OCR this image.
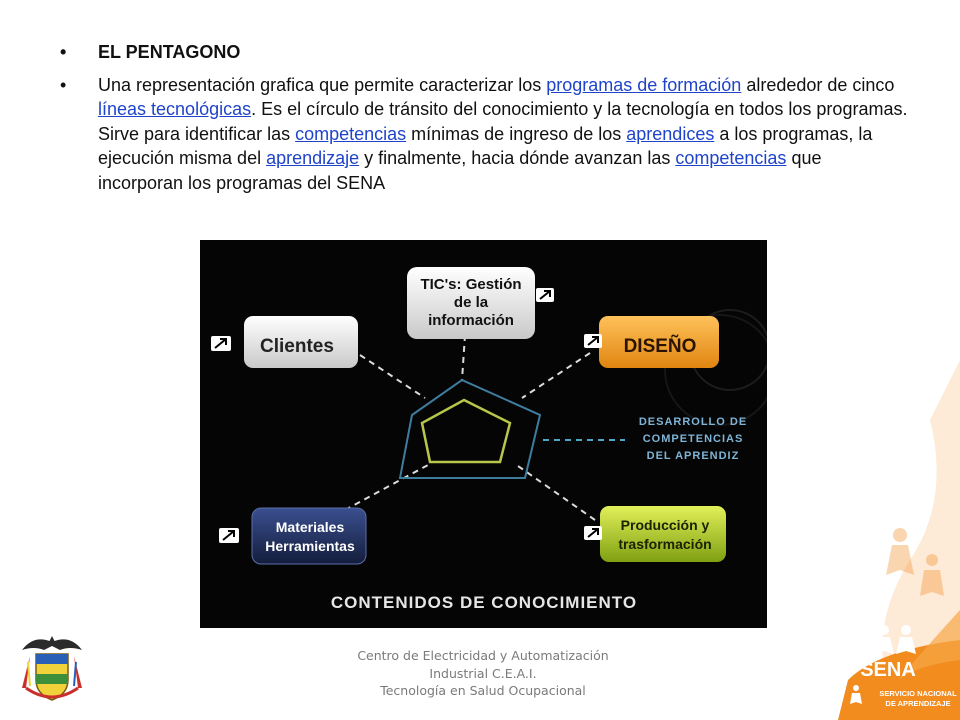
• EL PENTAGONO
• Una representación grafica que permite caracterizar los programas de formación alrededor de cinco líneas tecnológicas. Es el círculo de tránsito del conocimiento y la tecnología en todos los programas. Sirve para identificar las competencias mínimas de ingreso de los aprendices a los programas, la ejecución misma del aprendizaje y finalmente, hacia dónde avanzan las competencias que incorporan los programas del SENA
TIC's: Gestión
de la
información
Clientes	DISEÑO
Materiales
Herramientas
Producción y
trasformación
DESARROLLO DE
COMPETENCIAS
DEL APRENDIZ
CONTENIDOS DE CONOCIMIENTO
Centro de Electricidad y Automatización
Industrial C.E.A.I.
Tecnología en Salud Ocupacional
SENA
SERVICIO NACIONAL
DE APRENDIZAJE
